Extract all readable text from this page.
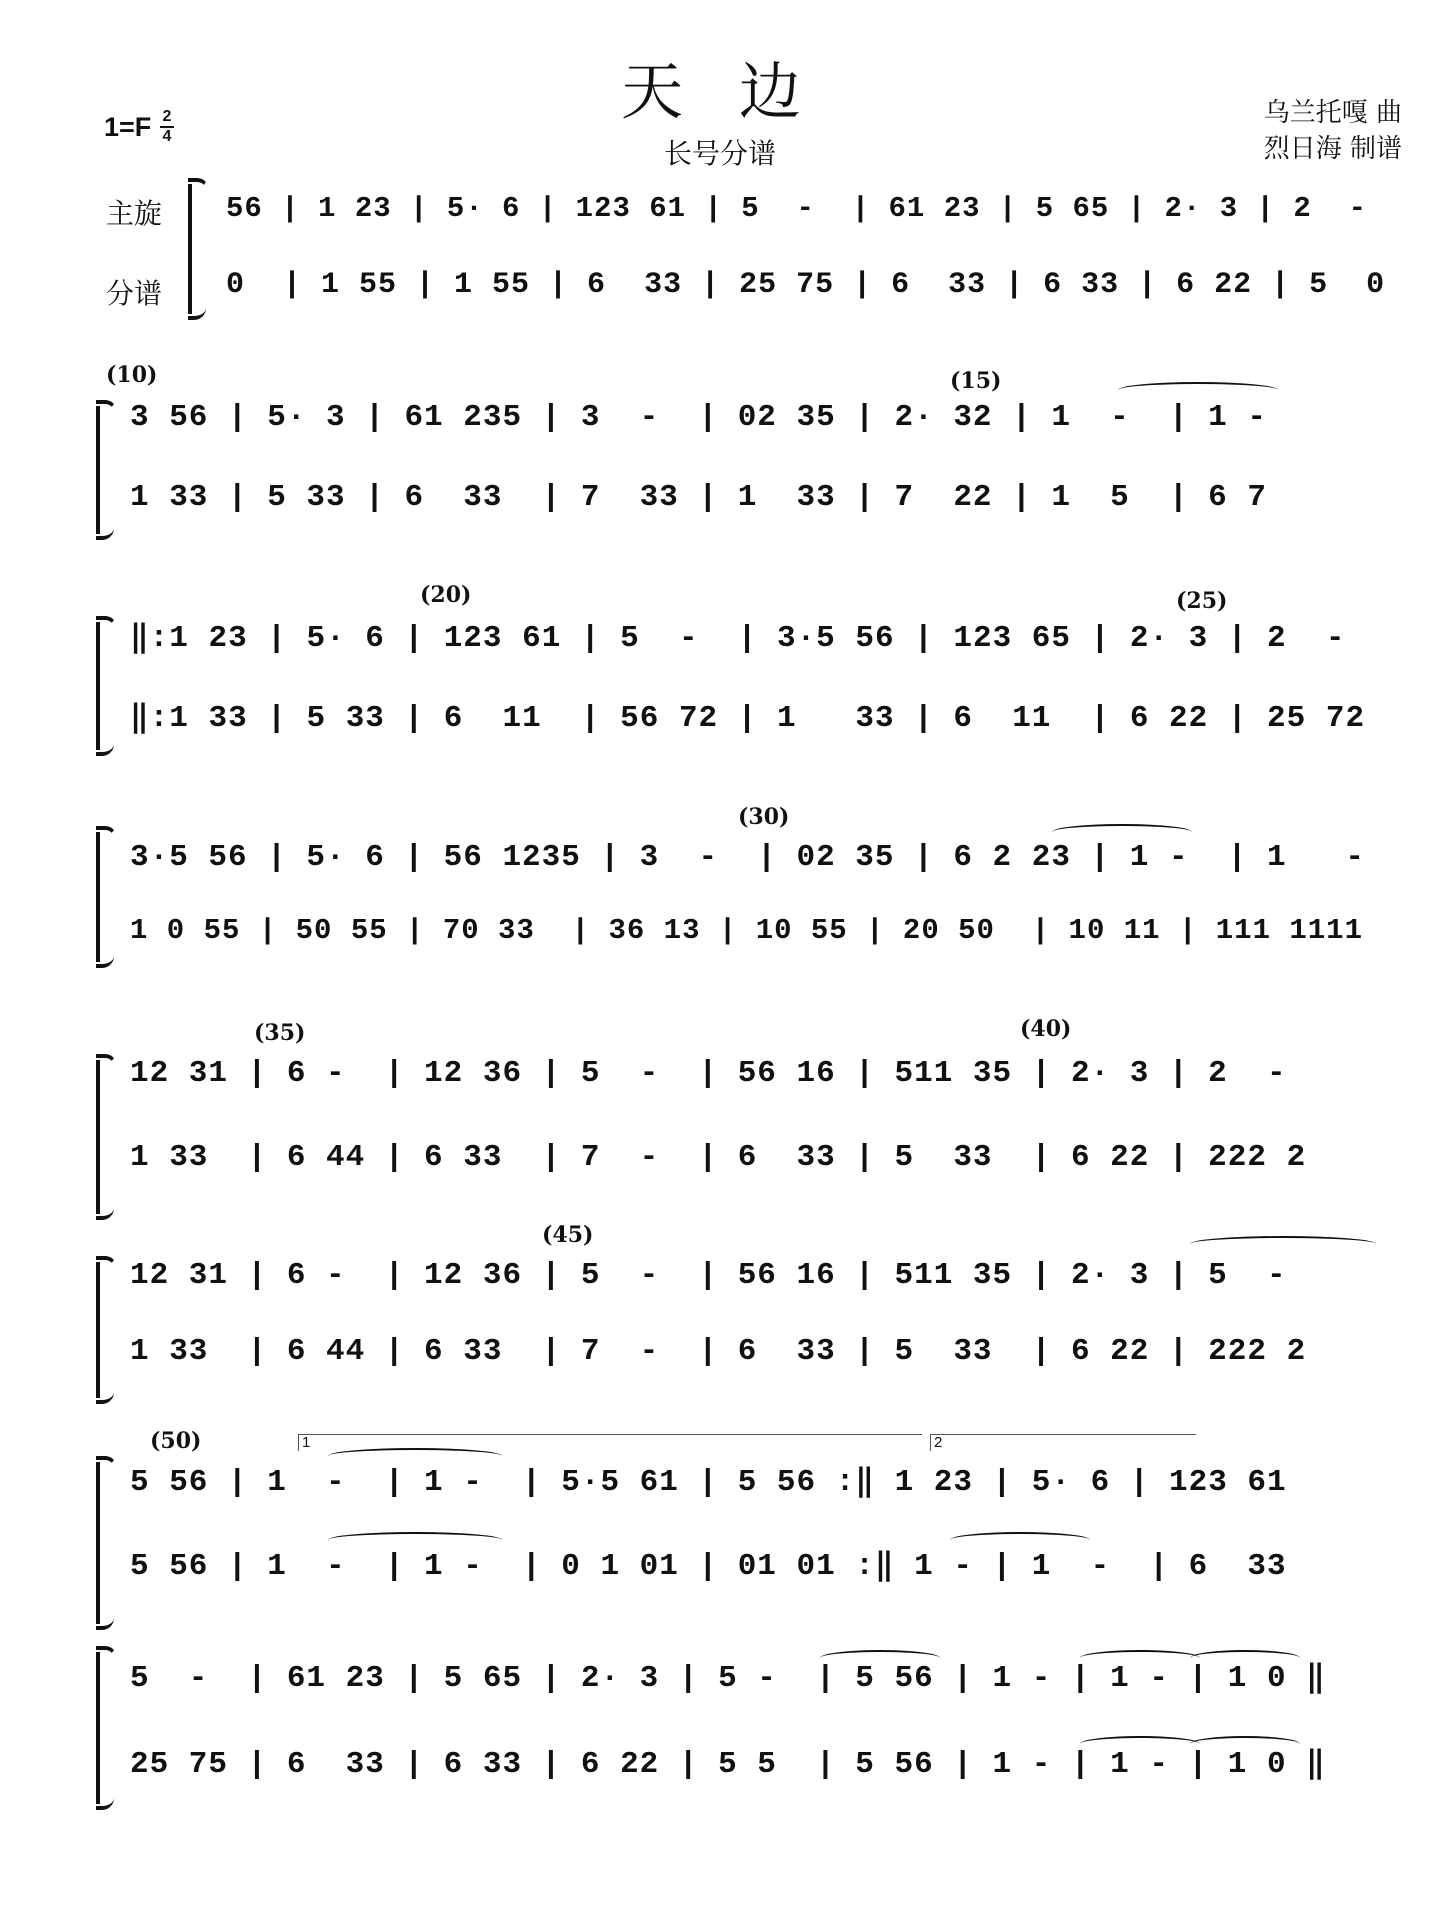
天 边
长号分谱
1=F 2
4
乌兰托嘎 曲
烈日海 制谱
主旋
分谱
56 | 1 23 | 5· 6 | 123 61 | 5  -  | 61 23 | 5 65 | 2· 3 | 2  -
0  | 1 55 | 1 55 | 6  33 | 25 75 | 6  33 | 6 33 | 6 22 | 5  0
(10)	(15)
3 56 | 5· 3 | 61 235 | 3  -  | 02 35 | 2· 32 | 1  -  | 1 -
1 33 | 5 33 | 6  33  | 7  33 | 1  33 | 7  22 | 1  5  | 6 7
(20)	(25)
‖:1 23 | 5· 6 | 123 61 | 5  -  | 3·5 56 | 123 65 | 2· 3 | 2  -
‖:1 33 | 5 33 | 6  11  | 56 72 | 1   33 | 6  11  | 6 22 | 25 72
(30)
3·5 56 | 5· 6 | 56 1235 | 3  -  | 02 35 | 6 2 23 | 1 -  | 1   -
1 0 55 | 50 55 | 70 33  | 36 13 | 10 55 | 20 50  | 10 11 | 111 1111
(35)	(40)
12 31 | 6 -  | 12 36 | 5  -  | 56 16 | 511 35 | 2· 3 | 2  -
1 33  | 6 44 | 6 33  | 7  -  | 6  33 | 5  33  | 6 22 | 222 2
(45)
12 31 | 6 -  | 12 36 | 5  -  | 56 16 | 511 35 | 2· 3 | 5  -
1 33  | 6 44 | 6 33  | 7  -  | 6  33 | 5  33  | 6 22 | 222 2
(50)	1	2
5 56 | 1  -  | 1 -  | 5·5 61 | 5 56 :‖ 1 23 | 5· 6 | 123 61
5 56 | 1  -  | 1 -  | 0 1 01 | 01 01 :‖ 1 - | 1  -  | 6  33
5  -  | 61 23 | 5 65 | 2· 3 | 5 -  | 5 56 | 1 - | 1 - | 1 0 ‖
25 75 | 6  33 | 6 33 | 6 22 | 5 5  | 5 56 | 1 - | 1 - | 1 0 ‖
